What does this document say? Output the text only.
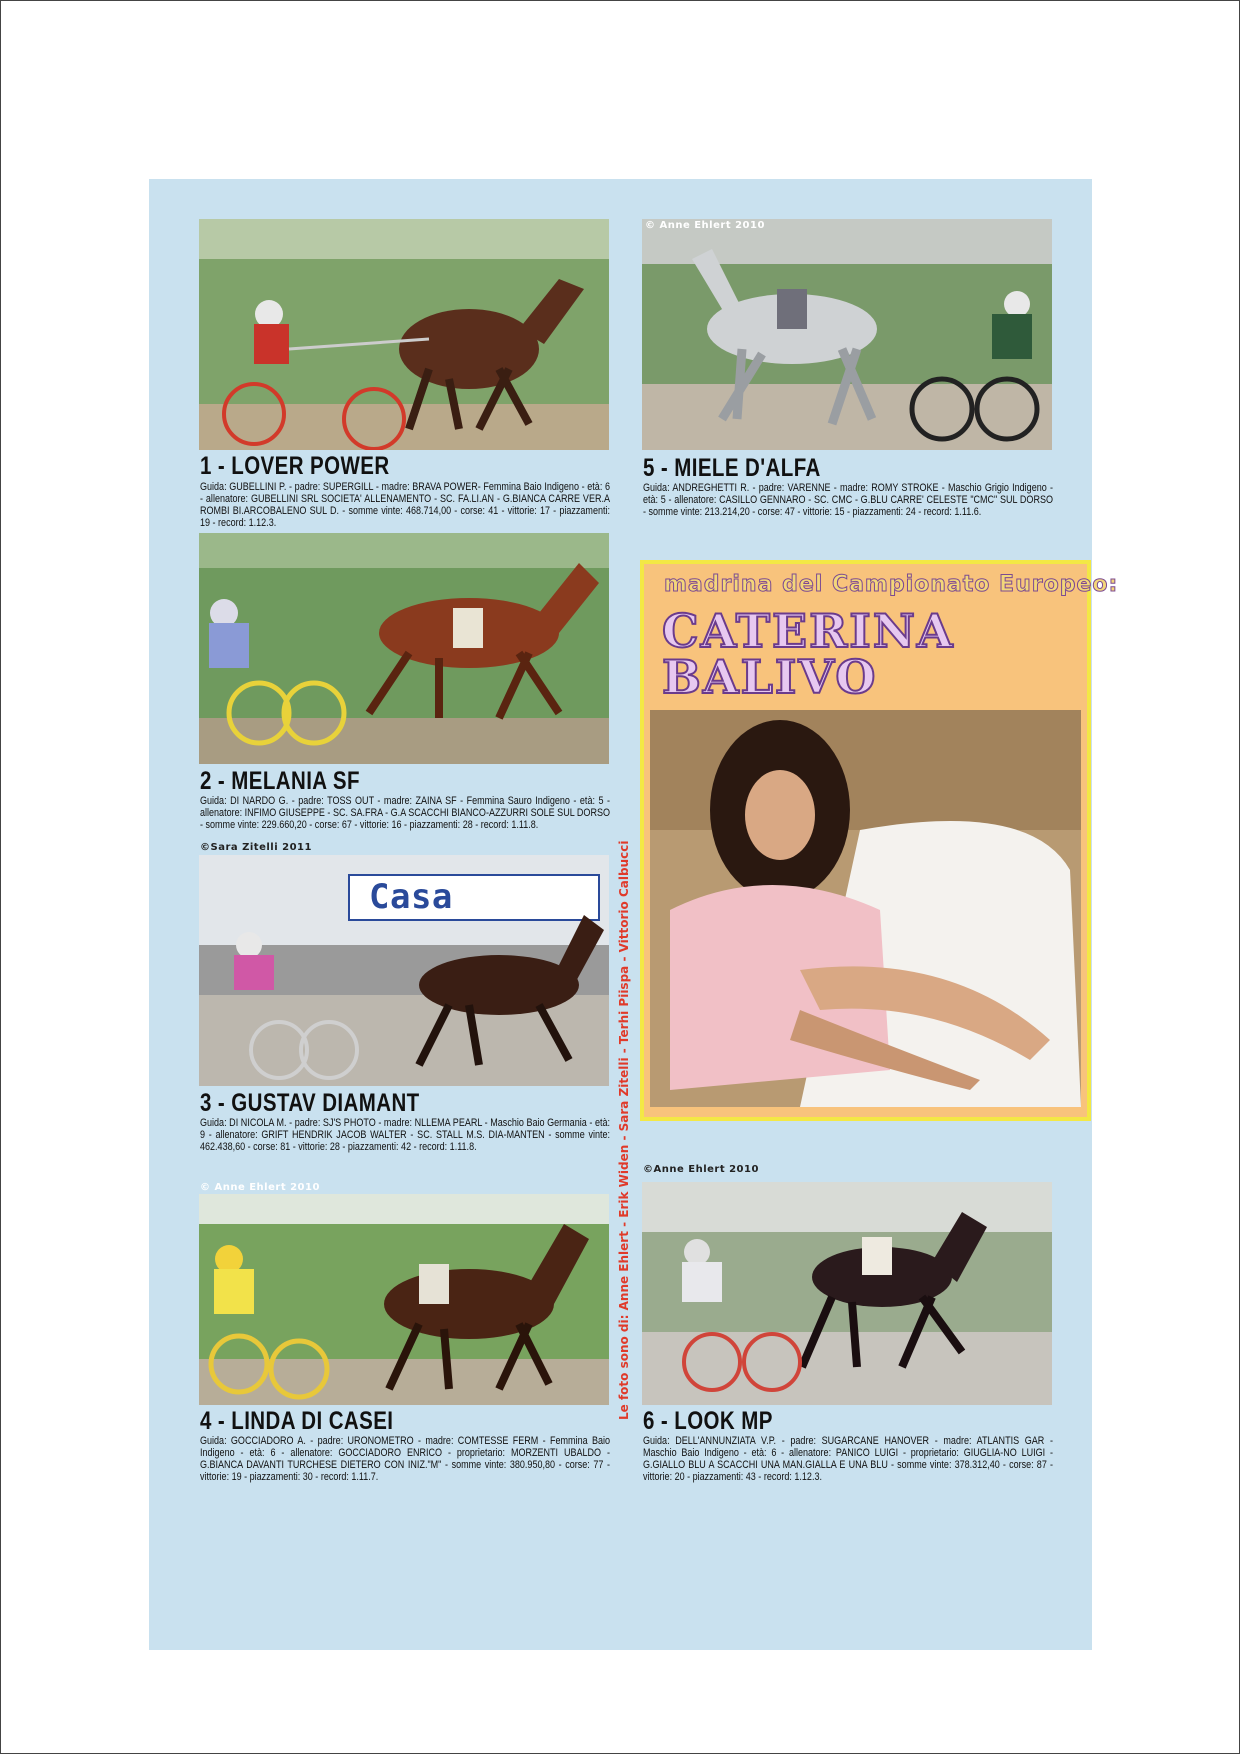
1 - LOVER POWER
Guida: GUBELLINI P. - padre: SUPERGILL - madre: BRAVA POWER- Femmina Baio Indigeno - età: 6 - allenatore: GUBELLINI SRL SOCIETA' ALLENAMENTO - SC. FA.LI.AN - G.BIANCA CARRE VER.A ROMBI BI.ARCOBALENO SUL D. - somme vinte: 468.714,00 - corse: 41 - vittorie: 17 - piazzamenti: 19 - record: 1.12.3.
2 - MELANIA SF
Guida: DI NARDO G. - padre: TOSS OUT - madre: ZAINA SF - Femmina Sauro Indigeno - età: 5 - allenatore: INFIMO GIUSEPPE - SC. SA.FRA - G.A SCACCHI BIANCO-AZZURRI SOLE SUL DORSO - somme vinte: 229.660,20 - corse: 67 - vittorie: 16 - piazzamenti: 28 - record: 1.11.8.
Casa
©Sara Zitelli 2011
3 - GUSTAV DIAMANT
Guida: DI NICOLA M. - padre: SJ'S PHOTO - madre: NLLEMA PEARL - Maschio Baio Germania - età: 9 - allenatore: GRIFT HENDRIK JACOB WALTER - SC. STALL M.S. DIA-MANTEN - somme vinte: 462.438,60 - corse: 81 - vittorie: 28 - piazzamenti: 42 - record: 1.11.8.
© Anne Ehlert 2010
4 - LINDA DI CASEI
Guida: GOCCIADORO A. - padre: URONOMETRO - madre: COMTESSE FERM - Femmina Baio Indigeno - età: 6 - allenatore: GOCCIADORO ENRICO - proprietario: MORZENTI UBALDO - G.BIANCA DAVANTI TURCHESE DIETERO CON INIZ."M" - somme vinte: 380.950,80 - corse: 77 - vittorie: 19 - piazzamenti: 30 - record: 1.11.7.
© Anne Ehlert 2010
5 - MIELE D'ALFA
Guida: ANDREGHETTI R. - padre: VARENNE - madre: ROMY STROKE - Maschio Grigio Indigeno - età: 5 - allenatore: CASILLO GENNARO - SC. CMC - G.BLU CARRE' CELESTE "CMC" SUL DORSO - somme vinte: 213.214,20 - corse: 47 - vittorie: 15 - piazzamenti: 24 - record: 1.11.6.
©Anne Ehlert 2010
6 - LOOK MP
Guida: DELL'ANNUNZIATA V.P. - padre: SUGARCANE HANOVER - madre: ATLANTIS GAR - Maschio Baio Indigeno - età: 6 - allenatore: PANICO LUIGI - proprietario: GIUGLIA-NO LUIGI - G.GIALLO BLU A SCACCHI UNA MAN.GIALLA E UNA BLU - somme vinte: 378.312,40 - corse: 87 - vittorie: 20 - piazzamenti: 43 - record: 1.12.3.
madrina del Campionato Europeo:
CATERINA
BALIVO
Le foto sono di: Anne Ehlert - Erik Widen - Sara Zitelli - Terhi Piispa - Vittorio Calbucci
